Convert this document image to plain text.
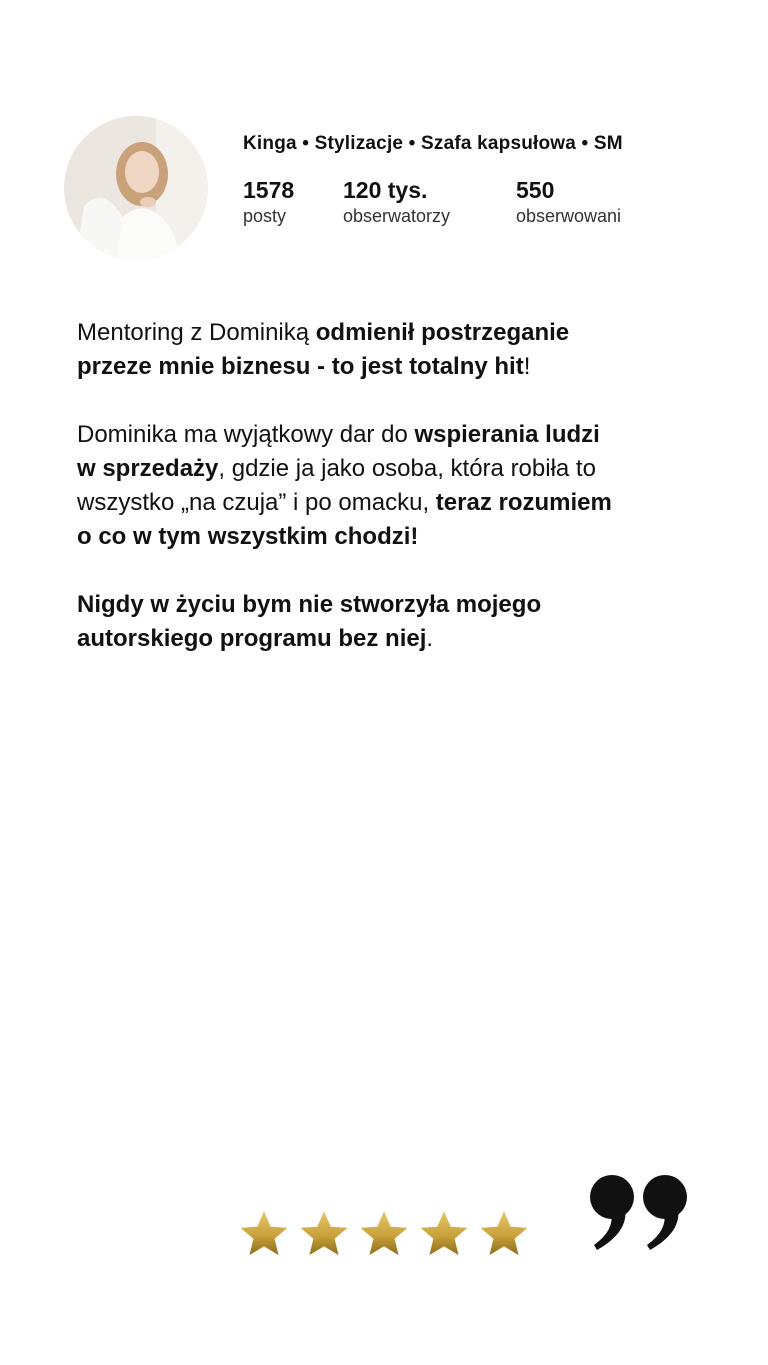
Kinga • Stylizacje • Szafa kapsułowa • SM
1578
posty
120 tys.
obserwatorzy
550
obserwowani

Mentoring z Dominiką odmienił postrzeganie
przeze mnie biznesu - to jest totalny hit!

Dominika ma wyjątkowy dar do wspierania ludzi
w sprzedaży, gdzie ja jako osoba, która robiła to
wszystko „na czuja” i po omacku, teraz rozumiem
o co w tym wszystkim chodzi!

Nigdy w życiu bym nie stworzyła mojego
autorskiego programu bez niej.
